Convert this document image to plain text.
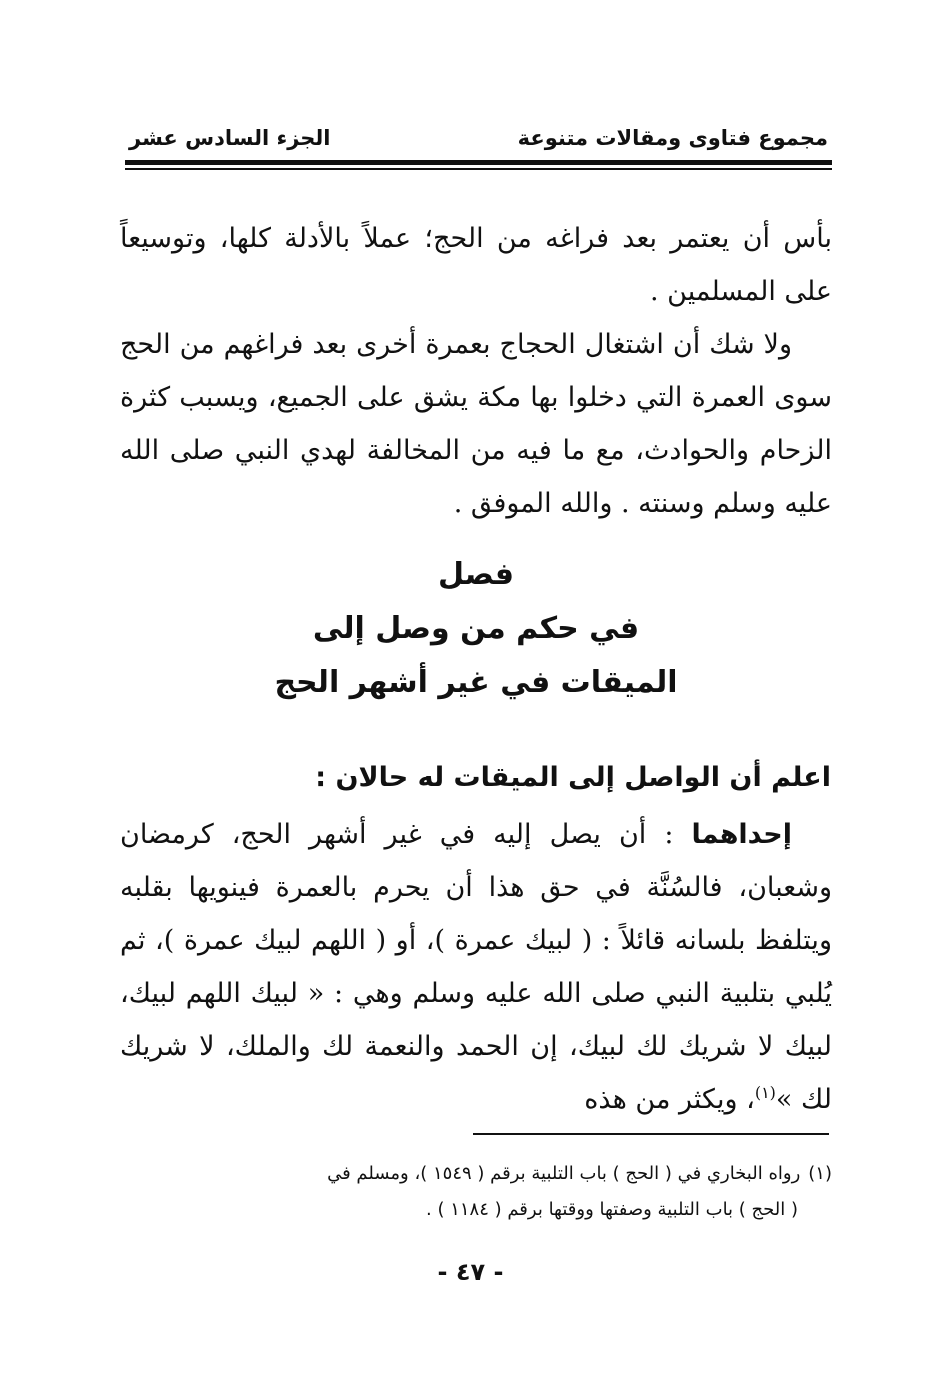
مجموع فتاوى ومقالات متنوعة
الجزء السادس عشر

بأس أن يعتمر بعد فراغه من الحج؛ عملاً بالأدلة كلها، وتوسيعاً على المسلمين .

ولا شك أن اشتغال الحجاج بعمرة أخرى بعد فراغهم من الحج سوى العمرة التي دخلوا بها مكة يشق على الجميع، ويسبب كثرة الزحام والحوادث، مع ما فيه من المخالفة لهدي النبي صلى الله عليه وسلم وسنته . والله الموفق .

فصل
في حكم من وصل إلى
الميقات في غير أشهر الحج
اعلم أن الواصل إلى الميقات له حالان :

إحداهما : أن يصل إليه في غير أشهر الحج، كرمضان وشعبان، فالسُنَّة في حق هذا أن يحرم بالعمرة فينويها بقلبه ويتلفظ بلسانه قائلاً : ( لبيك عمرة )، أو ( اللهم لبيك عمرة )، ثم يُلبي بتلبية النبي صلى الله عليه وسلم وهي : « لبيك اللهم لبيك، لبيك لا شريك لك لبيك، إن الحمد والنعمة لك والملك، لا شريك لك »$^{(١)}$، ويكثر من هذه

(١)رواه البخاري في ( الحج ) باب التلبية برقم ( ١٥٤٩ )، ومسلم في
( الحج ) باب التلبية وصفتها ووقتها برقم ( ١١٨٤ ) .
- ٤٧ -
